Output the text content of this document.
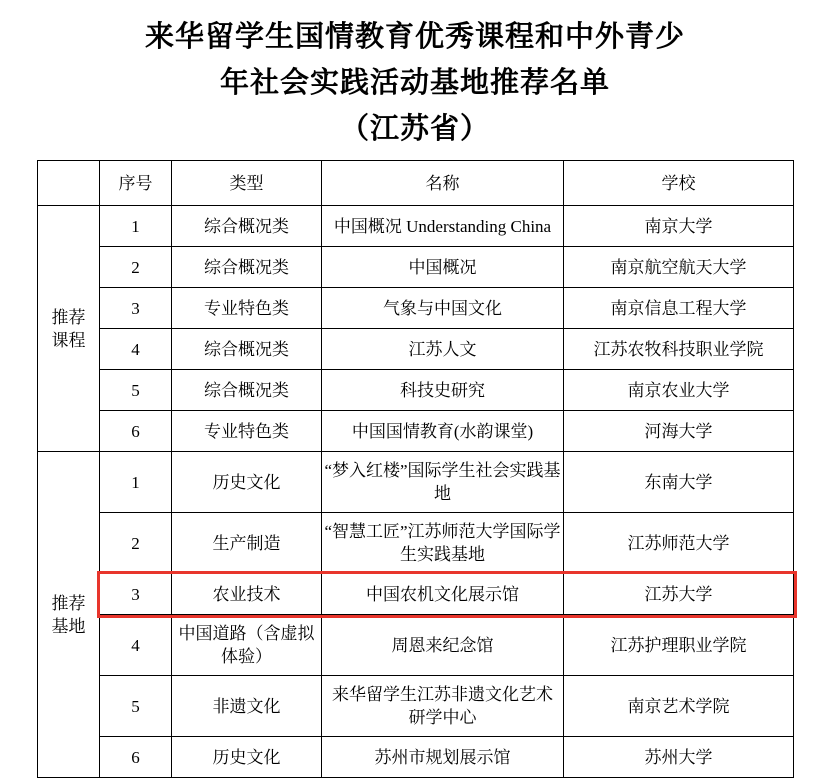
来华留学生国情教育优秀课程和中外青少
年社会实践活动基地推荐名单
（江苏省）
	序号	类型	名称	学校

推荐
课程	1	综合概况类	中国概况 Understanding China	南京大学
	2	综合概况类	中国概况	南京航空航天大学
	3	专业特色类	气象与中国文化	南京信息工程大学
	4	综合概况类	江苏人文	江苏农牧科技职业学院
	5	综合概况类	科技史研究	南京农业大学
	6	专业特色类	中国国情教育(水韵课堂)	河海大学

推荐
基地	1	历史文化	“梦入红楼”国际学生社会实践基地	东南大学
	2	生产制造	“智慧工匠”江苏师范大学国际学生实践基地	江苏师范大学
	3	农业技术	中国农机文化展示馆	江苏大学
	4	中国道路（含虚拟体验）	周恩来纪念馆	江苏护理职业学院
	5	非遗文化	来华留学生江苏非遗文化艺术研学中心	南京艺术学院
	6	历史文化	苏州市规划展示馆	苏州大学
